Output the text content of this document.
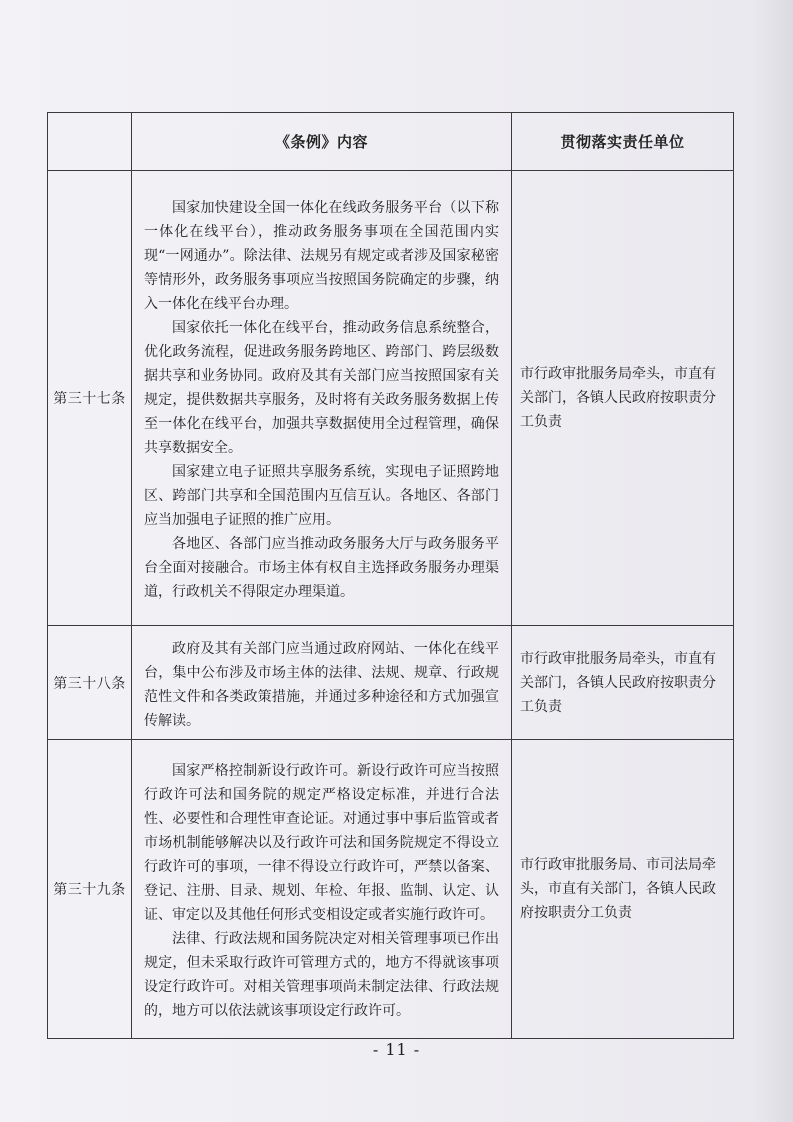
	《条例》内容	贯彻落实责任单位
第三十七条	国家加快建设全国一体化在线政务服务平台（以下称一体化在线平台），推动政务服务事项在全国范围内实现“一网通办”。除法律、法规另有规定或者涉及国家秘密等情形外，政务服务事项应当按照国务院确定的步骤，纳入一体化在线平台办理。

国家依托一体化在线平台，推动政务信息系统整合，优化政务流程，促进政务服务跨地区、跨部门、跨层级数据共享和业务协同。政府及其有关部门应当按照国家有关规定，提供数据共享服务，及时将有关政务服务数据上传至一体化在线平台，加强共享数据使用全过程管理，确保共享数据安全。

国家建立电子证照共享服务系统，实现电子证照跨地区、跨部门共享和全国范围内互信互认。各地区、各部门应当加强电子证照的推广应用。

各地区、各部门应当推动政务服务大厅与政务服务平台全面对接融合。市场主体有权自主选择政务服务办理渠道，行政机关不得限定办理渠道。	市行政审批服务局牵头，市直有关部门，各镇人民政府按职责分工负责
第三十八条	政府及其有关部门应当通过政府网站、一体化在线平台，集中公布涉及市场主体的法律、法规、规章、行政规范性文件和各类政策措施，并通过多种途径和方式加强宣传解读。	市行政审批服务局牵头，市直有关部门，各镇人民政府按职责分工负责
第三十九条	国家严格控制新设行政许可。新设行政许可应当按照行政许可法和国务院的规定严格设定标准，并进行合法性、必要性和合理性审查论证。对通过事中事后监管或者市场机制能够解决以及行政许可法和国务院规定不得设立行政许可的事项，一律不得设立行政许可，严禁以备案、登记、注册、目录、规划、年检、年报、监制、认定、认证、审定以及其他任何形式变相设定或者实施行政许可。

法律、行政法规和国务院决定对相关管理事项已作出规定，但未采取行政许可管理方式的，地方不得就该事项设定行政许可。对相关管理事项尚未制定法律、行政法规的，地方可以依法就该事项设定行政许可。	市行政审批服务局、市司法局牵头，市直有关部门，各镇人民政府按职责分工负责
- 11 -
